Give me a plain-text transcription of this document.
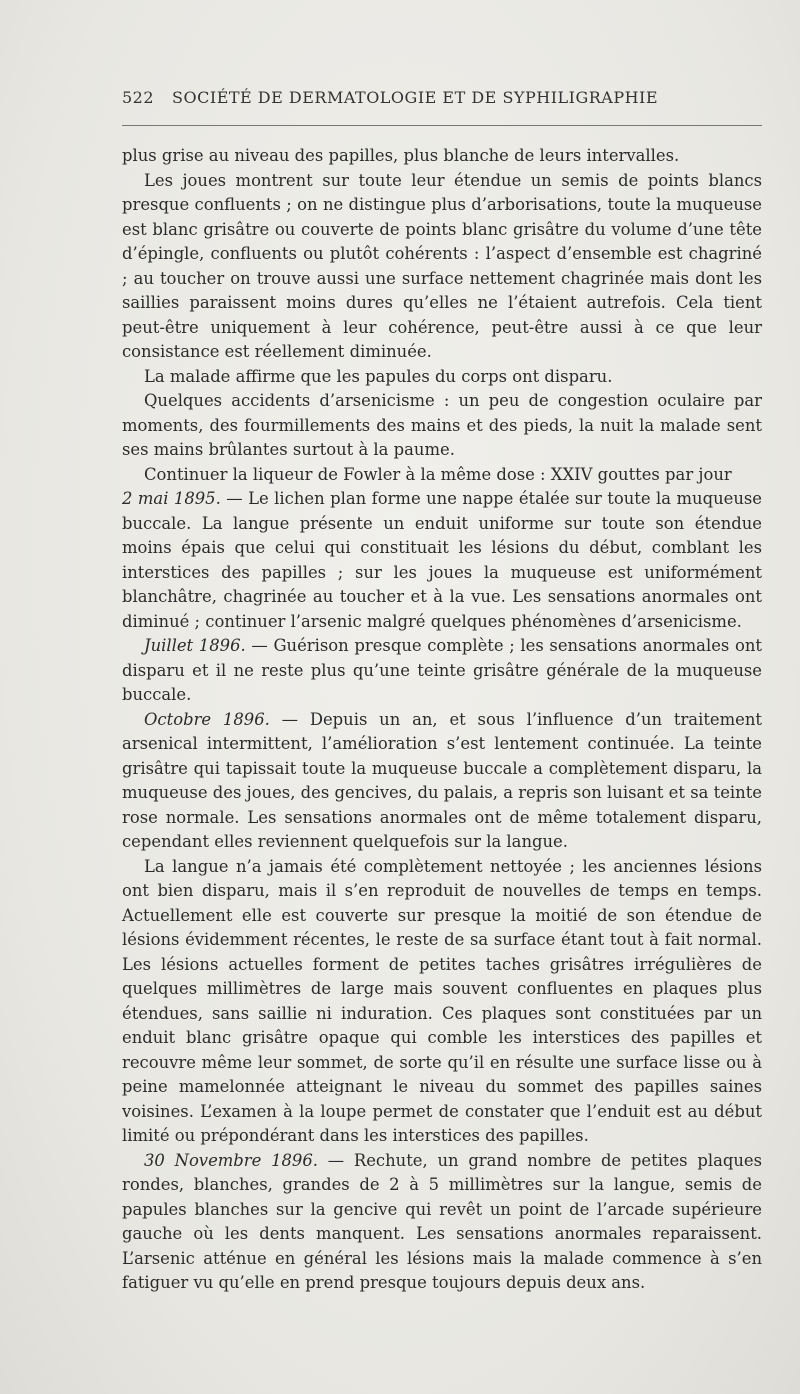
522 SOCIÉTÉ DE DERMATOLOGIE ET DE SYPHILIGRAPHIE

plus grise au niveau des papilles, plus blanche de leurs intervalles.

Les joues montrent sur toute leur étendue un semis de points blancs presque confluents ; on ne distingue plus d’arborisations, toute la muqueuse est blanc grisâtre ou couverte de points blanc grisâtre du volume d’une tête d’épingle, confluents ou plutôt cohérents : l’aspect d’ensemble est chagriné ; au toucher on trouve aussi une surface nettement chagrinée mais dont les saillies paraissent moins dures qu’elles ne l’étaient autrefois. Cela tient peut-être uniquement à leur cohérence, peut-être aussi à ce que leur consistance est réellement diminuée.

La malade affirme que les papules du corps ont disparu.

Quelques accidents d’arsenicisme : un peu de congestion oculaire par moments, des fourmillements des mains et des pieds, la nuit la malade sent ses mains brûlantes surtout à la paume.

Continuer la liqueur de Fowler à la même dose : XXIV gouttes par jour

2 mai 1895. — Le lichen plan forme une nappe étalée sur toute la muqueuse buccale. La langue présente un enduit uniforme sur toute son étendue moins épais que celui qui constituait les lésions du début, comblant les interstices des papilles ; sur les joues la muqueuse est uniformément blanchâtre, chagrinée au toucher et à la vue. Les sensations anormales ont diminué ; continuer l’arsenic malgré quelques phénomènes d’arsenicisme.

Juillet 1896. — Guérison presque complète ; les sensations anormales ont disparu et il ne reste plus qu’une teinte grisâtre générale de la muqueuse buccale.

Octobre 1896. — Depuis un an, et sous l’influence d’un traitement arsenical intermittent, l’amélioration s’est lentement continuée. La teinte grisâtre qui tapissait toute la muqueuse buccale a complètement disparu, la muqueuse des joues, des gencives, du palais, a repris son luisant et sa teinte rose normale. Les sensations anormales ont de même totalement disparu, cependant elles reviennent quelquefois sur la langue.

La langue n’a jamais été complètement nettoyée ; les anciennes lésions ont bien disparu, mais il s’en reproduit de nouvelles de temps en temps. Actuellement elle est couverte sur presque la moitié de son étendue de lésions évidemment récentes, le reste de sa surface étant tout à fait normal. Les lésions actuelles forment de petites taches grisâtres irrégulières de quelques millimètres de large mais souvent confluentes en plaques plus étendues, sans saillie ni induration. Ces plaques sont constituées par un enduit blanc grisâtre opaque qui comble les interstices des papilles et recouvre même leur sommet, de sorte qu’il en résulte une surface lisse ou à peine mamelonnée atteignant le niveau du sommet des papilles saines voisines. L’examen à la loupe permet de constater que l’enduit est au début limité ou prépondérant dans les interstices des papilles.

30 Novembre 1896. — Rechute, un grand nombre de petites plaques rondes, blanches, grandes de 2 à 5 millimètres sur la langue, semis de papules blanches sur la gencive qui revêt un point de l’arcade supérieure gauche où les dents manquent. Les sensations anormales reparaissent. L’arsenic atténue en général les lésions mais la malade commence à s’en fatiguer vu qu’elle en prend presque toujours depuis deux ans.
